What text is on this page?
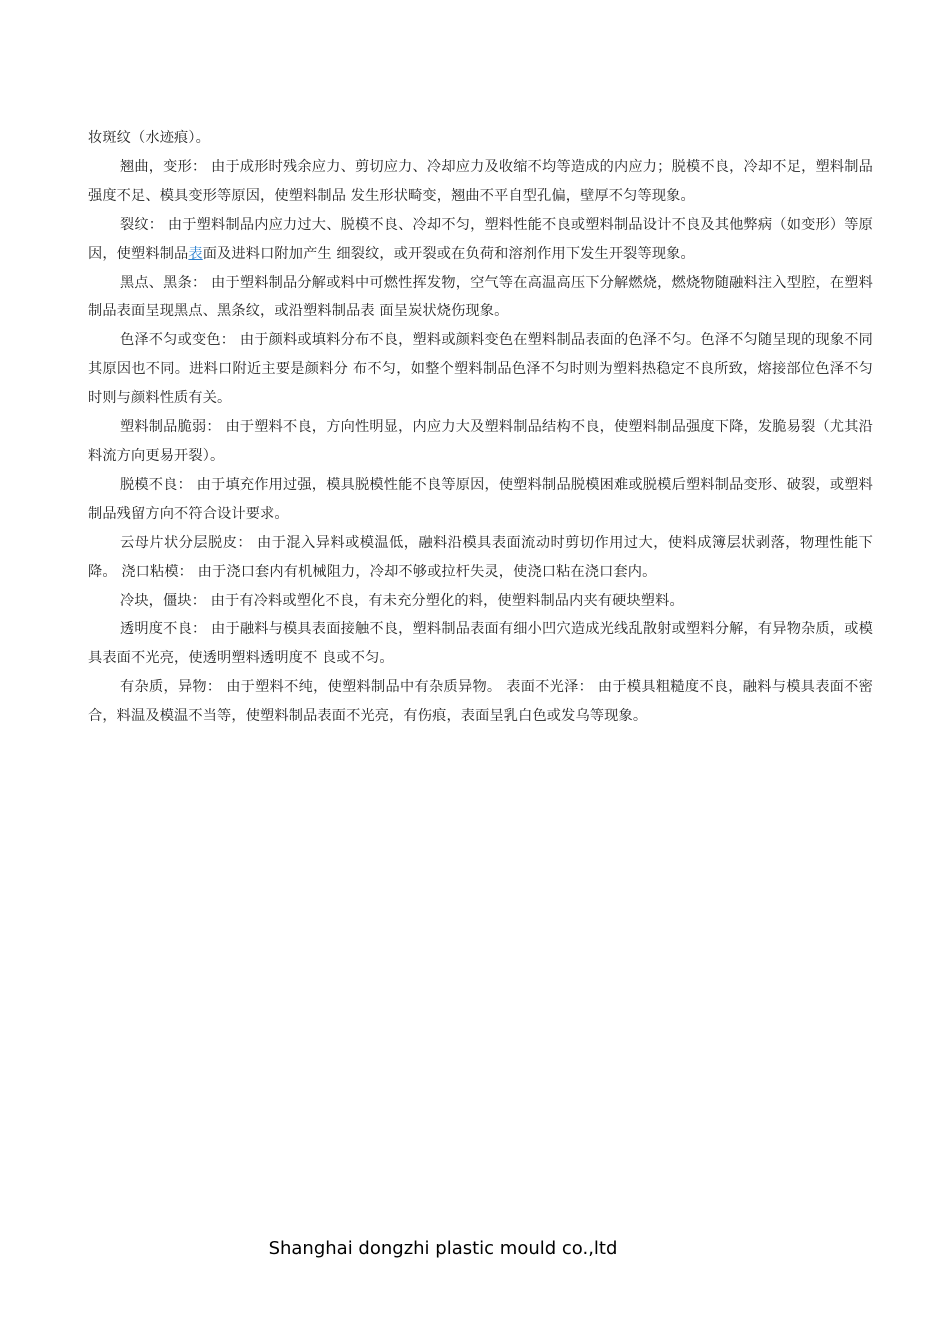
妆斑纹（水迹痕）。

翘曲，变形： 由于成形时残余应力、剪切应力、冷却应力及收缩不均等造成的内应力；脱模不良，冷却不足，塑料制品强度不足、模具变形等原因，使塑料制品 发生形状畸变，翘曲不平自型孔偏，壁厚不匀等现象。

裂纹： 由于塑料制品内应力过大、脱模不良、冷却不匀，塑料性能不良或塑料制品设计不良及其他弊病（如变形）等原因，使塑料制品表面及进料口附加产生 细裂纹，或开裂或在负荷和溶剂作用下发生开裂等现象。

黑点、黑条： 由于塑料制品分解或料中可燃性挥发物，空气等在高温高压下分解燃烧，燃烧物随融料注入型腔，在塑料制品表面呈现黑点、黑条纹，或沿塑料制品表 面呈炭状烧伤现象。

色泽不匀或变色： 由于颜料或填料分布不良，塑料或颜料变色在塑料制品表面的色泽不匀。色泽不匀随呈现的现象不同其原因也不同。进料口附近主要是颜料分 布不匀，如整个塑料制品色泽不匀时则为塑料热稳定不良所致，熔接部位色泽不匀时则与颜料性质有关。

塑料制品脆弱： 由于塑料不良，方向性明显，内应力大及塑料制品结构不良，使塑料制品强度下降，发脆易裂（尤其沿料流方向更易开裂）。

脱模不良： 由于填充作用过强，模具脱模性能不良等原因，使塑料制品脱模困难或脱模后塑料制品变形、破裂，或塑料制品残留方向不符合设计要求。

云母片状分层脱皮： 由于混入异料或模温低，融料沿模具表面流动时剪切作用过大，使料成簿层状剥落，物理性能下降。 浇口粘模： 由于浇口套内有机械阻力，冷却不够或拉杆失灵，使浇口粘在浇口套内。

冷块，僵块： 由于有冷料或塑化不良，有未充分塑化的料，使塑料制品内夹有硬块塑料。

透明度不良： 由于融料与模具表面接触不良，塑料制品表面有细小凹穴造成光线乱散射或塑料分解，有异物杂质，或模具表面不光亮，使透明塑料透明度不 良或不匀。

有杂质，异物： 由于塑料不纯，使塑料制品中有杂质异物。 表面不光泽： 由于模具粗糙度不良，融料与模具表面不密合，料温及模温不当等，使塑料制品表面不光亮，有伤痕，表面呈乳白色或发乌等现象。

Shanghai dongzhi plastic mould co.,ltd
